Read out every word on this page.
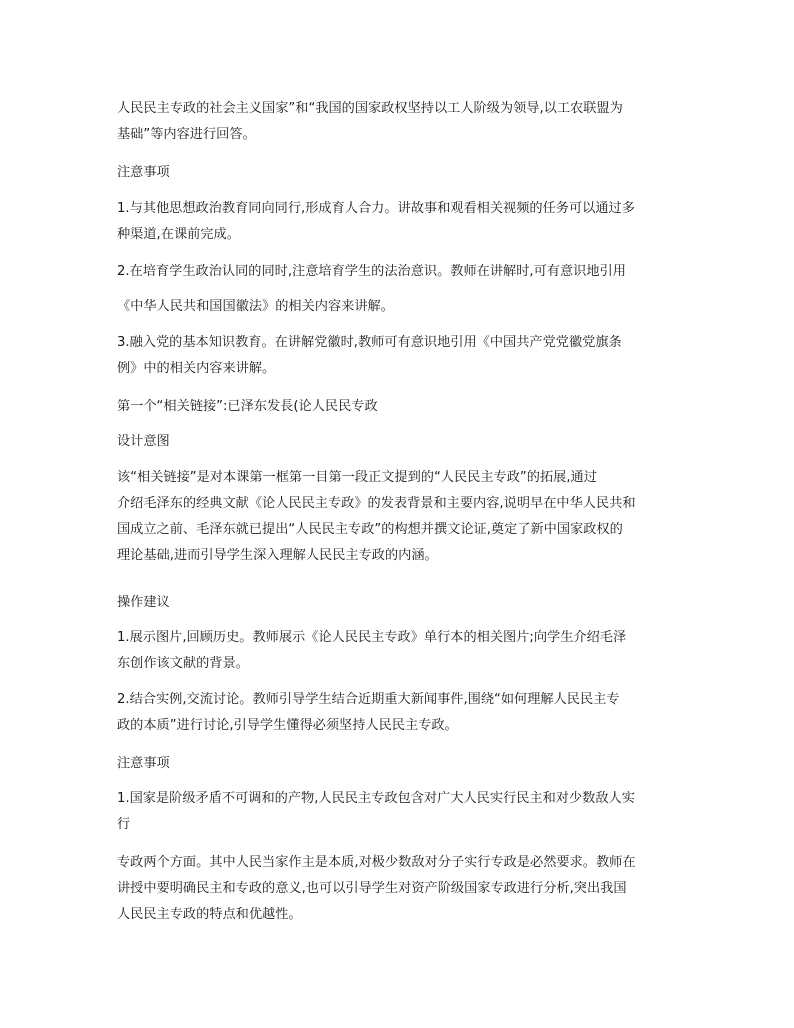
人民民主专政的社会主义国家”和“我国的国家政权坚持以工人阶级为领导,以工农联盟为
基础”等内容进行回答。
注意事项
1.与其他思想政治教育同向同行,形成育人合力。讲故事和观看相关视频的任务可以通过多
种渠道,在课前完成。
2.在培育学生政治认同的同时,注意培育学生的法治意识。教师在讲解时,可有意识地引用
《中华人民共和国国徽法》的相关内容来讲解。
3.融入党的基本知识教育。在讲解党徽时,教师可有意识地引用《中国共产党党徽党旗条
例》中的相关内容来讲解。
第一个“相关链接”:已泽东发長(论人民民专政
设计意图
该“相关链接”是对本课第一框第一目第一段正文提到的“人民民主专政”的拓展,通过
介绍毛泽东的经典文献《论人民民主专政》的发表背景和主要内容,说明早在中华人民共和
国成立之前、毛泽东就已提出“人民民主专政”的构想并撰文论证,奠定了新中国家政权的
理论基础,进而引导学生深入理解人民民主专政的内涵。
操作建议
1.展示图片,回顾历史。教师展示《论人民民主专政》单行本的相关图片;向学生介绍毛泽
东创作该文献的背景。
2.结合实例,交流讨论。教师引导学生结合近期重大新闻事件,围绕“如何理解人民民主专
政的本质”进行讨论,引导学生懂得必须坚持人民民主专政。
注意事项
1.国家是阶级矛盾不可调和的产物,人民民主专政包含对广大人民实行民主和对少数敌人实
行
专政两个方面。其中人民当家作主是本质,对极少数敌对分子实行专政是必然要求。教师在
讲授中要明确民主和专政的意义,也可以引导学生对资产阶级国家专政进行分析,突出我国
人民民主专政的特点和优越性。
